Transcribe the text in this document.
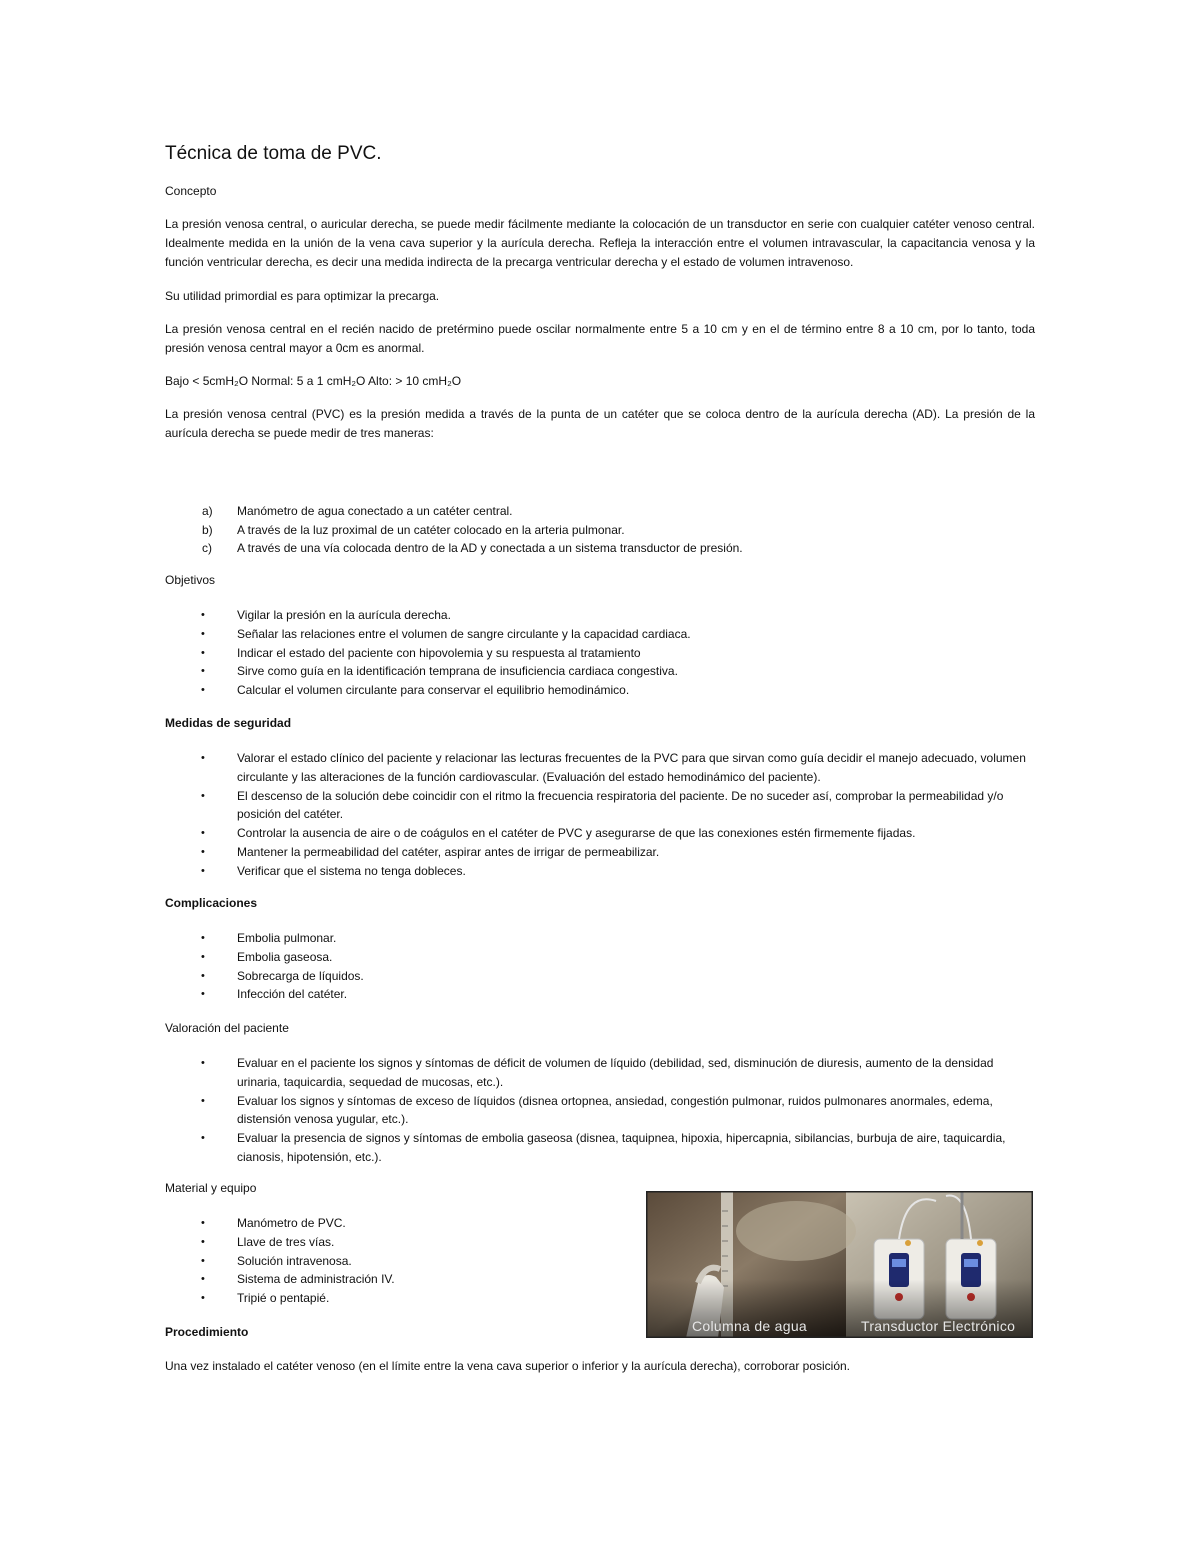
Técnica de toma de PVC.

Concepto

La presión venosa central, o auricular derecha, se puede medir fácilmente mediante la colocación de un transductor en serie con cualquier catéter venoso central. Idealmente medida en la unión de la vena cava superior y la aurícula derecha. Refleja la interacción entre el volumen intravascular, la capacitancia venosa y la función ventricular derecha, es decir una medida indirecta de la precarga ventricular derecha y el estado de volumen intravenoso.

Su utilidad primordial es para optimizar la precarga.

La presión venosa central en el recién nacido de pretérmino puede oscilar normalmente entre 5 a 10 cm y en el de término entre 8 a 10 cm, por lo tanto, toda presión venosa central mayor a 0cm es anormal.

Bajo < 5cmH₂O Normal: 5 a 1 cmH₂O Alto: > 10 cmH₂O

La presión venosa central (PVC) es la presión medida a través de la punta de un catéter que se coloca dentro de la aurícula derecha (AD). La presión de la aurícula derecha se puede medir de tres maneras:

a) Manómetro de agua conectado a un catéter central.
b) A través de la luz proximal de un catéter colocado en la arteria pulmonar.
c) A través de una vía colocada dentro de la AD y conectada a un sistema transductor de presión.

Objetivos

•	Vigilar la presión en la aurícula derecha.
•	Señalar las relaciones entre el volumen de sangre circulante y la capacidad cardiaca.
•	Indicar el estado del paciente con hipovolemia y su respuesta al tratamiento
•	Sirve como guía en la identificación temprana de insuficiencia cardiaca congestiva.
•	Calcular el volumen circulante para conservar el equilibrio hemodinámico.

Medidas de seguridad

•	Valorar el estado clínico del paciente y relacionar las lecturas frecuentes de la PVC para que sirvan como guía decidir el manejo adecuado, volumen circulante y las alteraciones de la función cardiovascular. (Evaluación del estado hemodinámico del paciente).
•	El descenso de la solución debe coincidir con el ritmo la frecuencia respiratoria del paciente. De no suceder así, comprobar la permeabilidad y/o posición del catéter.
•	Controlar la ausencia de aire o de coágulos en el catéter de PVC y asegurarse de que las conexiones estén firmemente fijadas.
•	Mantener la permeabilidad del catéter, aspirar antes de irrigar de permeabilizar.
•	Verificar que el sistema no tenga dobleces.

Complicaciones

•	Embolia pulmonar.
•	Embolia gaseosa.
•	Sobrecarga de líquidos.
•	Infección del catéter.

Valoración del paciente

•	Evaluar en el paciente los signos y síntomas de déficit de volumen de líquido (debilidad, sed, disminución de diuresis, aumento de la densidad urinaria, taquicardia, sequedad de mucosas, etc.).
•	Evaluar los signos y síntomas de exceso de líquidos (disnea ortopnea, ansiedad, congestión pulmonar, ruidos pulmonares anormales, edema, distensión venosa yugular, etc.).
•	Evaluar la presencia de signos y síntomas de embolia gaseosa (disnea, taquipnea, hipoxia, hipercapnia, sibilancias, burbuja de aire, taquicardia, cianosis, hipotensión, etc.).

Material y equipo

•	Manómetro de PVC.
•	Llave de tres vías.
•	Solución intravenosa.
•	Sistema de administración IV.
•	Tripié o pentapié.
Columna de agua	Transductor Electrónico

Procedimiento

Una vez instalado el catéter venoso (en el límite entre la vena cava superior o inferior y la aurícula derecha), corroborar posición.
